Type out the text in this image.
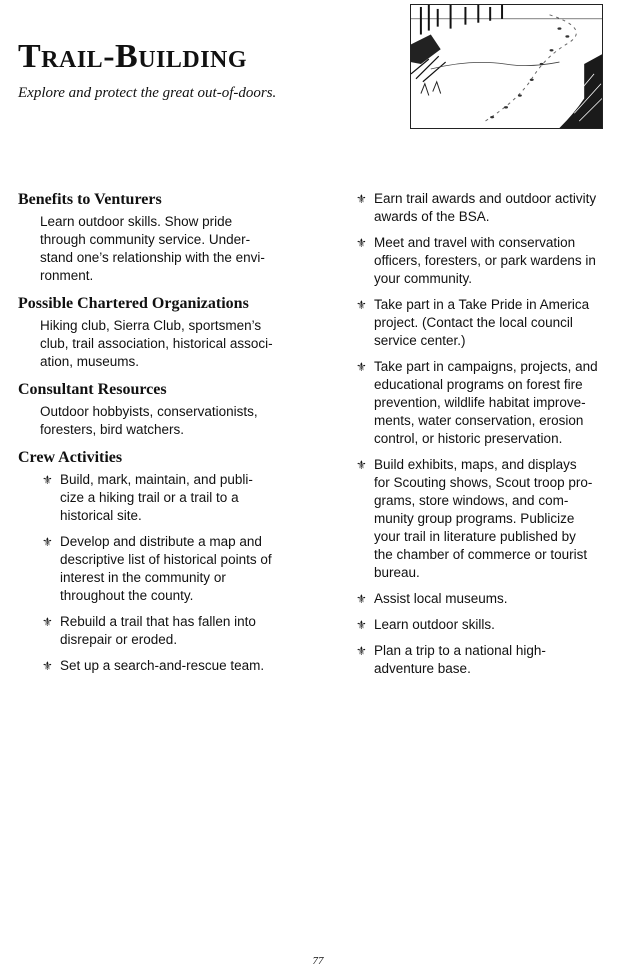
Trail-Building

Explore and protect the great out-of-doors.

Benefits to Venturers

Learn outdoor skills. Show pride
through community service. Under-
stand one’s relationship with the envi-
ronment.

Possible Chartered Organizations

Hiking club, Sierra Club, sportsmen’s
club, trail association, historical associ-
ation, museums.

Consultant Resources

Outdoor hobbyists, conservationists,
foresters, bird watchers.

Crew Activities
⚜ Build, mark, maintain, and publi-
cize a hiking trail or a trail to a
historical site.
⚜ Develop and distribute a map and
descriptive list of historical points of
interest in the community or
throughout the county.
⚜ Rebuild a trail that has fallen into
disrepair or eroded.
⚜ Set up a search-and-rescue team.
⚜ Earn trail awards and outdoor activity
awards of the BSA.
⚜ Meet and travel with conservation
officers, foresters, or park wardens in
your community.
⚜ Take part in a Take Pride in America
project. (Contact the local council
service center.)
⚜ Take part in campaigns, projects, and
educational programs on forest fire
prevention, wildlife habitat improve-
ments, water conservation, erosion
control, or historic preservation.
⚜ Build exhibits, maps, and displays
for Scouting shows, Scout troop pro-
grams, store windows, and com-
munity group programs. Publicize
your trail in literature published by
the chamber of commerce or tourist
bureau.
⚜ Assist local museums.
⚜ Learn outdoor skills.
⚜ Plan a trip to a national high-
adventure base.
77
